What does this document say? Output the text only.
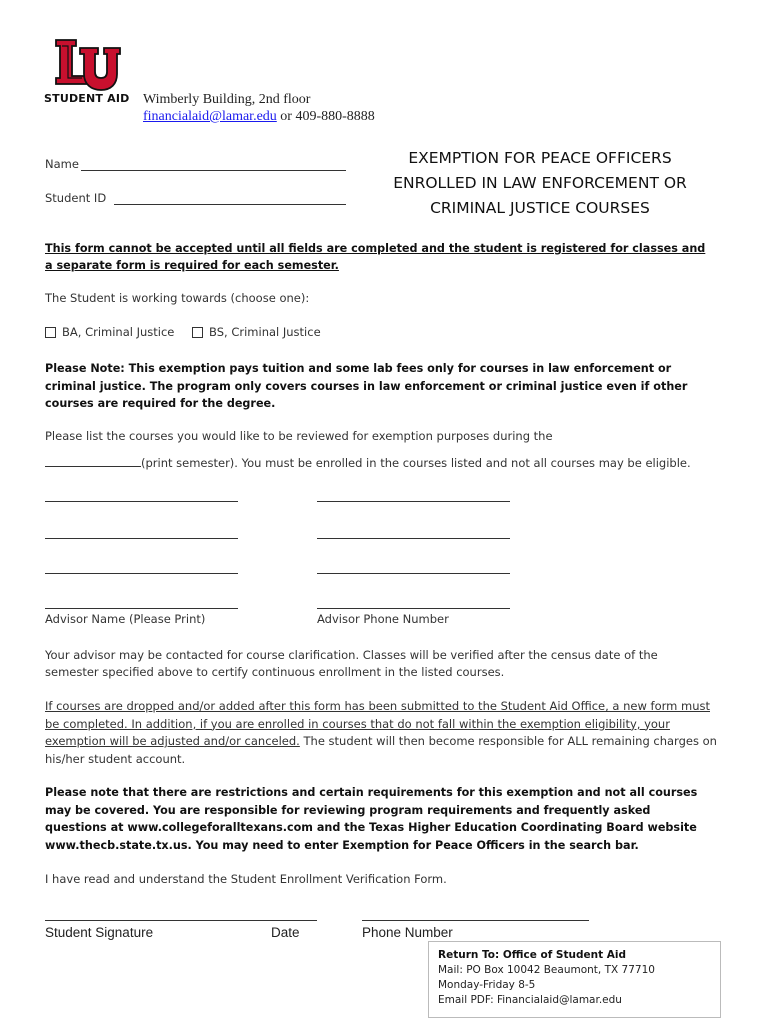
STUDENT AID Wimberly Building, 2nd floor
financialaid@lamar.edu or 409-880-8888
Name
Student ID
EXEMPTION FOR PEACE OFFICERS
ENROLLED IN LAW ENFORCEMENT OR
CRIMINAL JUSTICE COURSES

This form cannot be accepted until all fields are completed and the student is registered for classes and a separate form is required for each semester.

The Student is working towards (choose one):

BA, Criminal Justice	BS, Criminal Justice

Please Note: This exemption pays tuition and some lab fees only for courses in law enforcement or criminal justice. The program only covers courses in law enforcement or criminal justice even if other courses are required for the degree.

Please list the courses you would like to be reviewed for exemption purposes during the

(print semester). You must be enrolled in the courses listed and not all courses may be eligible.
Advisor Name (Please Print)	Advisor Phone Number

Your advisor may be contacted for course clarification. Classes will be verified after the census date of the semester specified above to certify continuous enrollment in the listed courses.

If courses are dropped and/or added after this form has been submitted to the Student Aid Office, a new form must be completed. In addition, if you are enrolled in courses that do not fall within the exemption eligibility, your exemption will be adjusted and/or canceled. The student will then become responsible for ALL remaining charges on his/her student account.

Please note that there are restrictions and certain requirements for this exemption and not all courses may be covered. You are responsible for reviewing program requirements and frequently asked questions at www.collegeforalltexans.com and the Texas Higher Education Coordinating Board website www.thecb.state.tx.us. You may need to enter Exemption for Peace Officers in the search bar.

I have read and understand the Student Enrollment Verification Form.

Student Signature	Date	Phone Number
Return To: Office of Student Aid
Mail: PO Box 10042 Beaumont, TX 77710
Monday-Friday 8-5
Email PDF: Financialaid@lamar.edu
